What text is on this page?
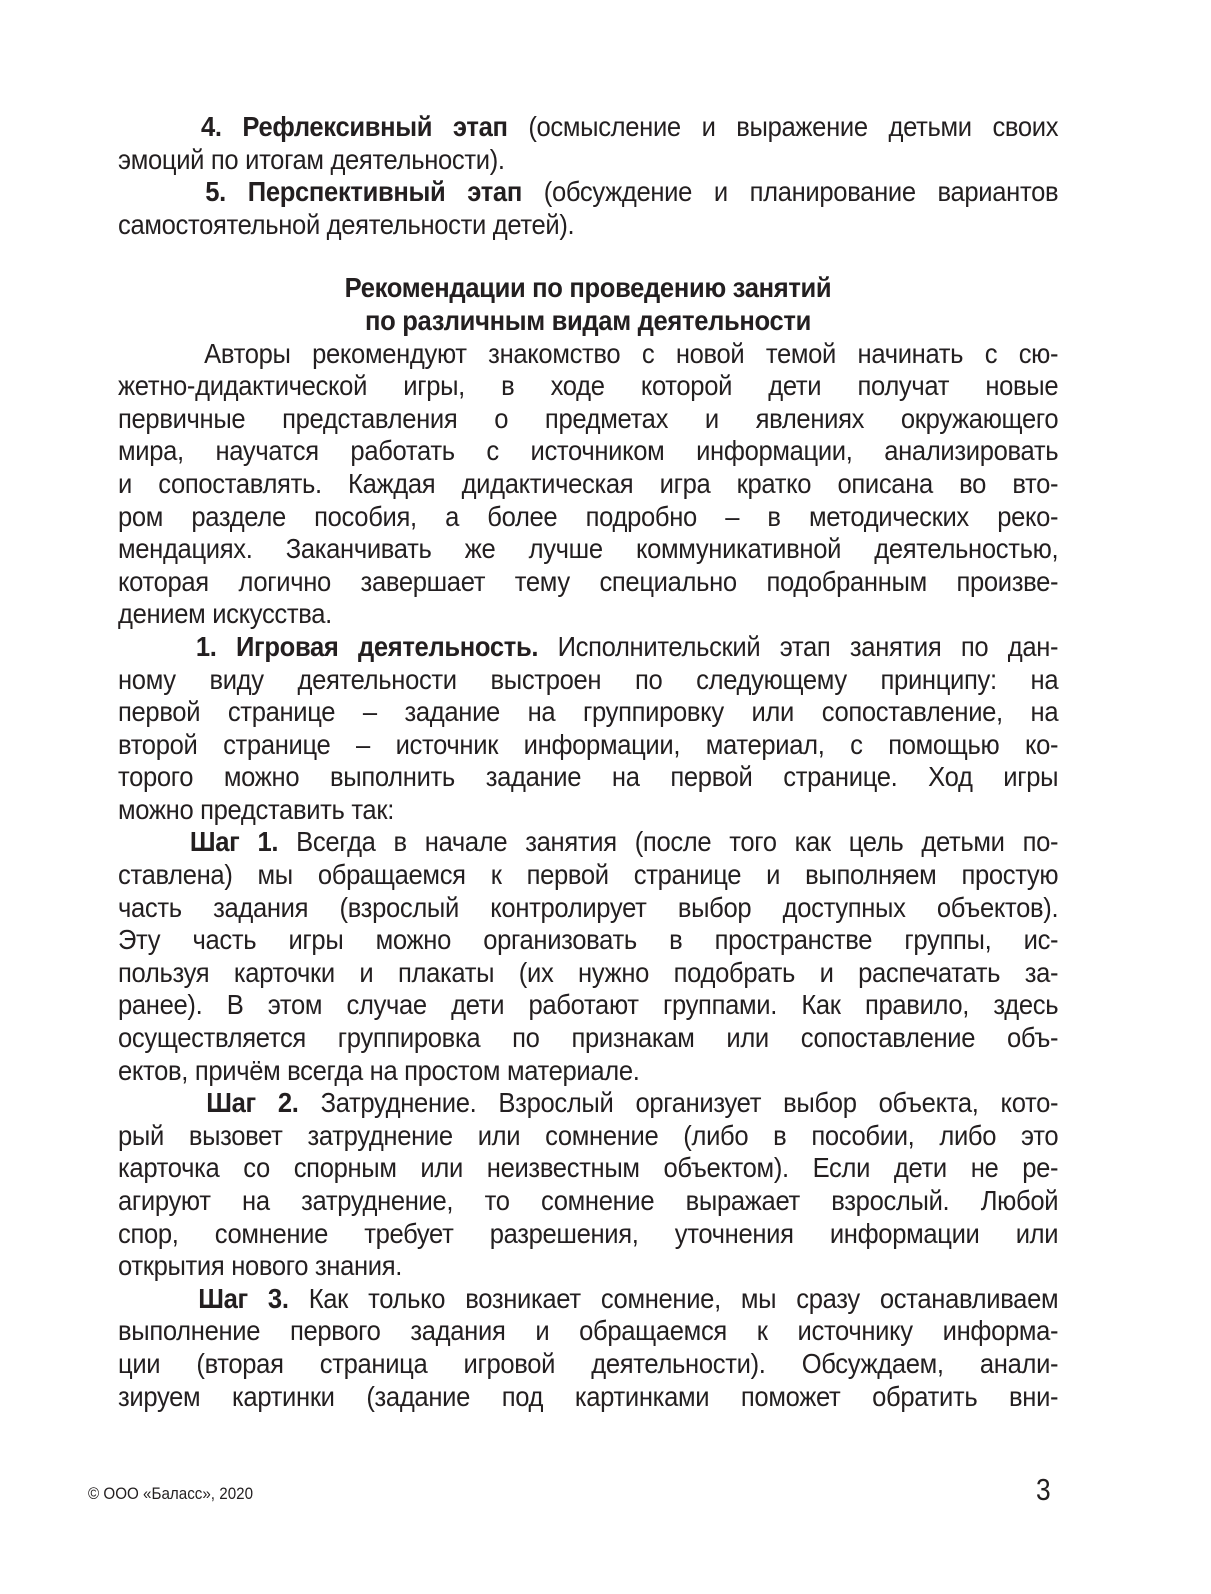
4. Рефлексивный этап (осмысление и выражение детьми своих
эмоций по итогам деятельности).
5. Перспективный этап (обсуждение и планирование вариантов
самостоятельной деятельности детей).
Рекомендации по проведению занятий
по различным видам деятельности
Авторы рекомендуют знакомство с новой темой начинать с сю-
жетно-дидактической игры, в ходе которой дети получат новые
первичные представления о предметах и явлениях окружающего
мира, научатся работать с источником информации, анализировать
и сопоставлять. Каждая дидактическая игра кратко описана во вто-
ром разделе пособия, а более подробно – в методических реко-
мендациях. Заканчивать же лучше коммуникативной деятельностью,
которая логично завершает тему специально подобранным произве-
дением искусства.
1. Игровая деятельность. Исполнительский этап занятия по дан-
ному виду деятельности выстроен по следующему принципу: на
первой странице – задание на группировку или сопоставление, на
второй странице – источник информации, материал, с помощью ко-
торого можно выполнить задание на первой странице. Ход игры
можно представить так:
Шаг 1. Всегда в начале занятия (после того как цель детьми по-
ставлена) мы обращаемся к первой странице и выполняем простую
часть задания (взрослый контролирует выбор доступных объектов).
Эту часть игры можно организовать в пространстве группы, ис-
пользуя карточки и плакаты (их нужно подобрать и распечатать за-
ранее). В этом случае дети работают группами. Как правило, здесь
осуществляется группировка по признакам или сопоставление объ-
ектов, причём всегда на простом материале.
Шаг 2. Затруднение. Взрослый организует выбор объекта, кото-
рый вызовет затруднение или сомнение (либо в пособии, либо это
карточка со спорным или неизвестным объектом). Если дети не ре-
агируют на затруднение, то сомнение выражает взрослый. Любой
спор, сомнение требует разрешения, уточнения информации или
открытия нового знания.
Шаг 3. Как только возникает сомнение, мы сразу останавливаем
выполнение первого задания и обращаемся к источнику информа-
ции (вторая страница игровой деятельности). Обсуждаем, анали-
зируем картинки (задание под картинками поможет обратить вни-
© ООО «Баласс», 2020	3
